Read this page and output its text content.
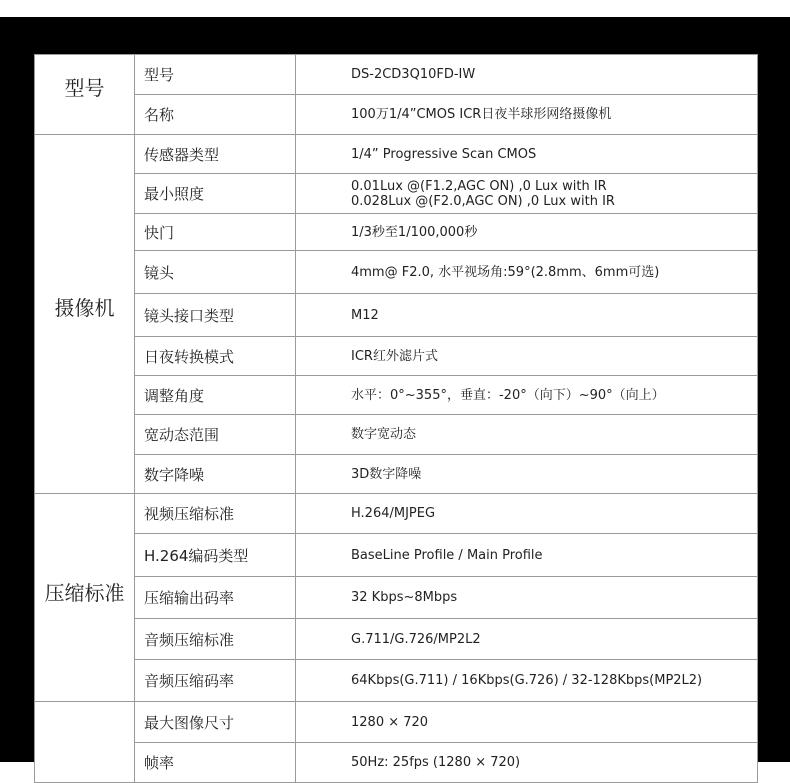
型号	型号	DS-2CD3Q10FD-IW

	名称	100万1/4”CMOS ICR日夜半球形网络摄像机

摄像机	传感器类型	1/4” Progressive Scan CMOS

	最小照度	0.01Lux @(F1.2,AGC ON) ,0 Lux with IR
0.028Lux @(F2.0,AGC ON) ,0 Lux with IR

	快门	1/3秒至1/100,000秒

	镜头	4mm@ F2.0, 水平视场角:59°(2.8mm、6mm可选)

	镜头接口类型	M12

	日夜转换模式	ICR红外滤片式

	调整角度	水平：0°~355°，垂直：-20°（向下）~90°（向上）

	宽动态范围	数字宽动态

	数字降噪	3D数字降噪

压缩标准	视频压缩标准	H.264/MJPEG

	H.264编码类型	BaseLine Profile / Main Profile

	压缩输出码率	32 Kbps~8Mbps

	音频压缩标准	G.711/G.726/MP2L2

	音频压缩码率	64Kbps(G.711) / 16Kbps(G.726) / 32-128Kbps(MP2L2)

	最大图像尺寸	1280 × 720

	帧率	50Hz: 25fps (1280 × 720)
